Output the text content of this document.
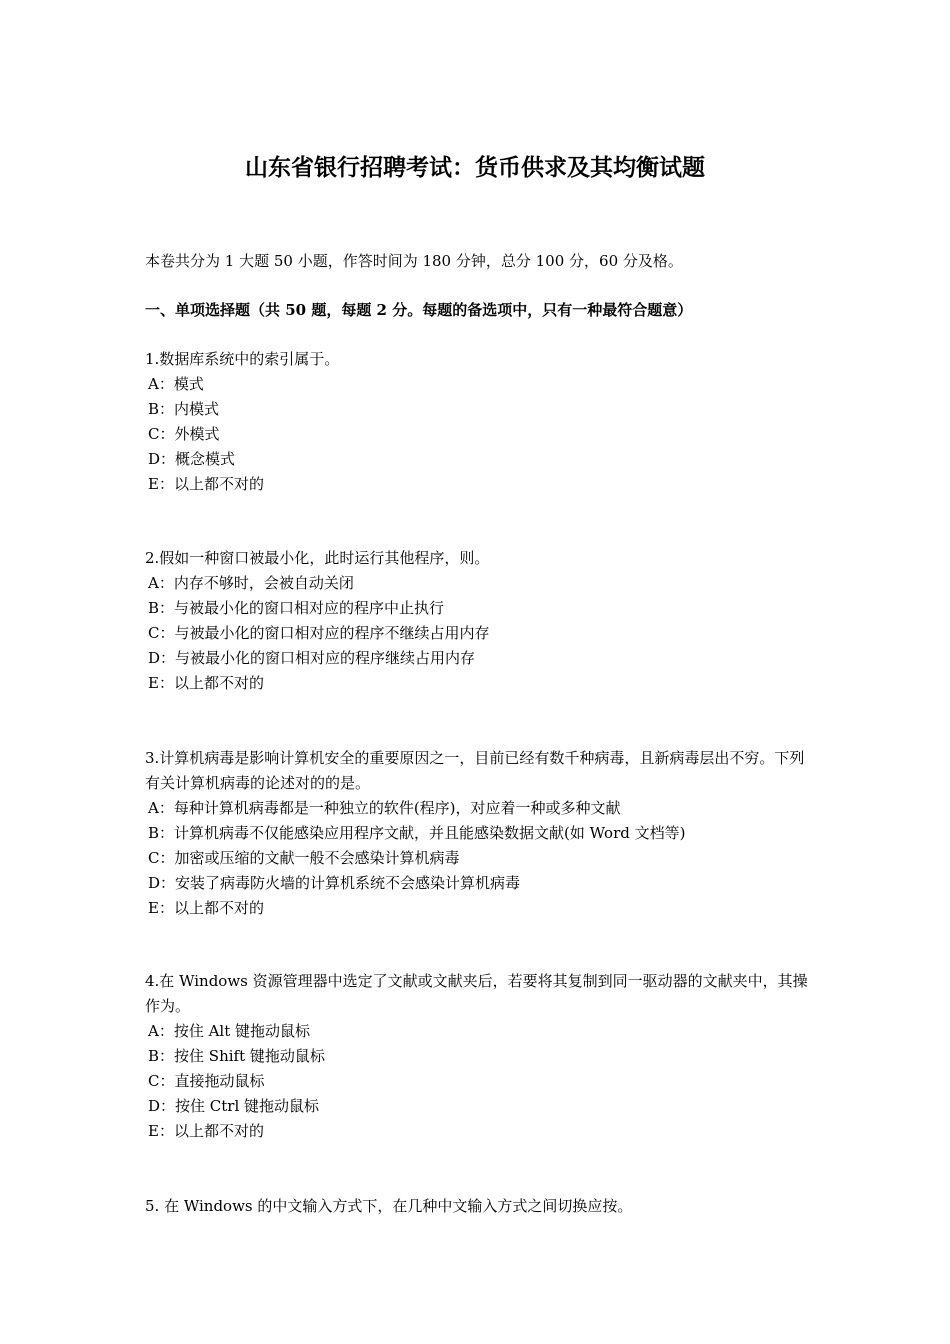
山东省银行招聘考试：货币供求及其均衡试题
本卷共分为 1 大题 50 小题，作答时间为 180 分钟，总分 100 分，60 分及格。
一、单项选择题（共 50 题，每题 2 分。每题的备选项中，只有一种最符合题意）

1.数据库系统中的索引属于。

A：模式
B：内模式
C：外模式
D：概念模式
E：以上都不对的

2.假如一种窗口被最小化，此时运行其他程序，则。

A：内存不够时，会被自动关闭
B：与被最小化的窗口相对应的程序中止执行
C：与被最小化的窗口相对应的程序不继续占用内存
D：与被最小化的窗口相对应的程序继续占用内存
E：以上都不对的

3.计算机病毒是影响计算机安全的重要原因之一，目前已经有数千种病毒，且新病毒层出不穷。下列有关计算机病毒的论述对的的是。

A：每种计算机病毒都是一种独立的软件(程序)，对应着一种或多种文献
B：计算机病毒不仅能感染应用程序文献，并且能感染数据文献(如 Word 文档等)
C：加密或压缩的文献一般不会感染计算机病毒
D：安装了病毒防火墙的计算机系统不会感染计算机病毒
E：以上都不对的

4.在 Windows 资源管理器中选定了文献或文献夹后，若要将其复制到同一驱动器的文献夹中，其操作为。

A：按住 Alt 键拖动鼠标
B：按住 Shift 键拖动鼠标
C：直接拖动鼠标
D：按住 Ctrl 键拖动鼠标
E：以上都不对的

5. 在 Windows 的中文输入方式下，在几种中文输入方式之间切换应按。
